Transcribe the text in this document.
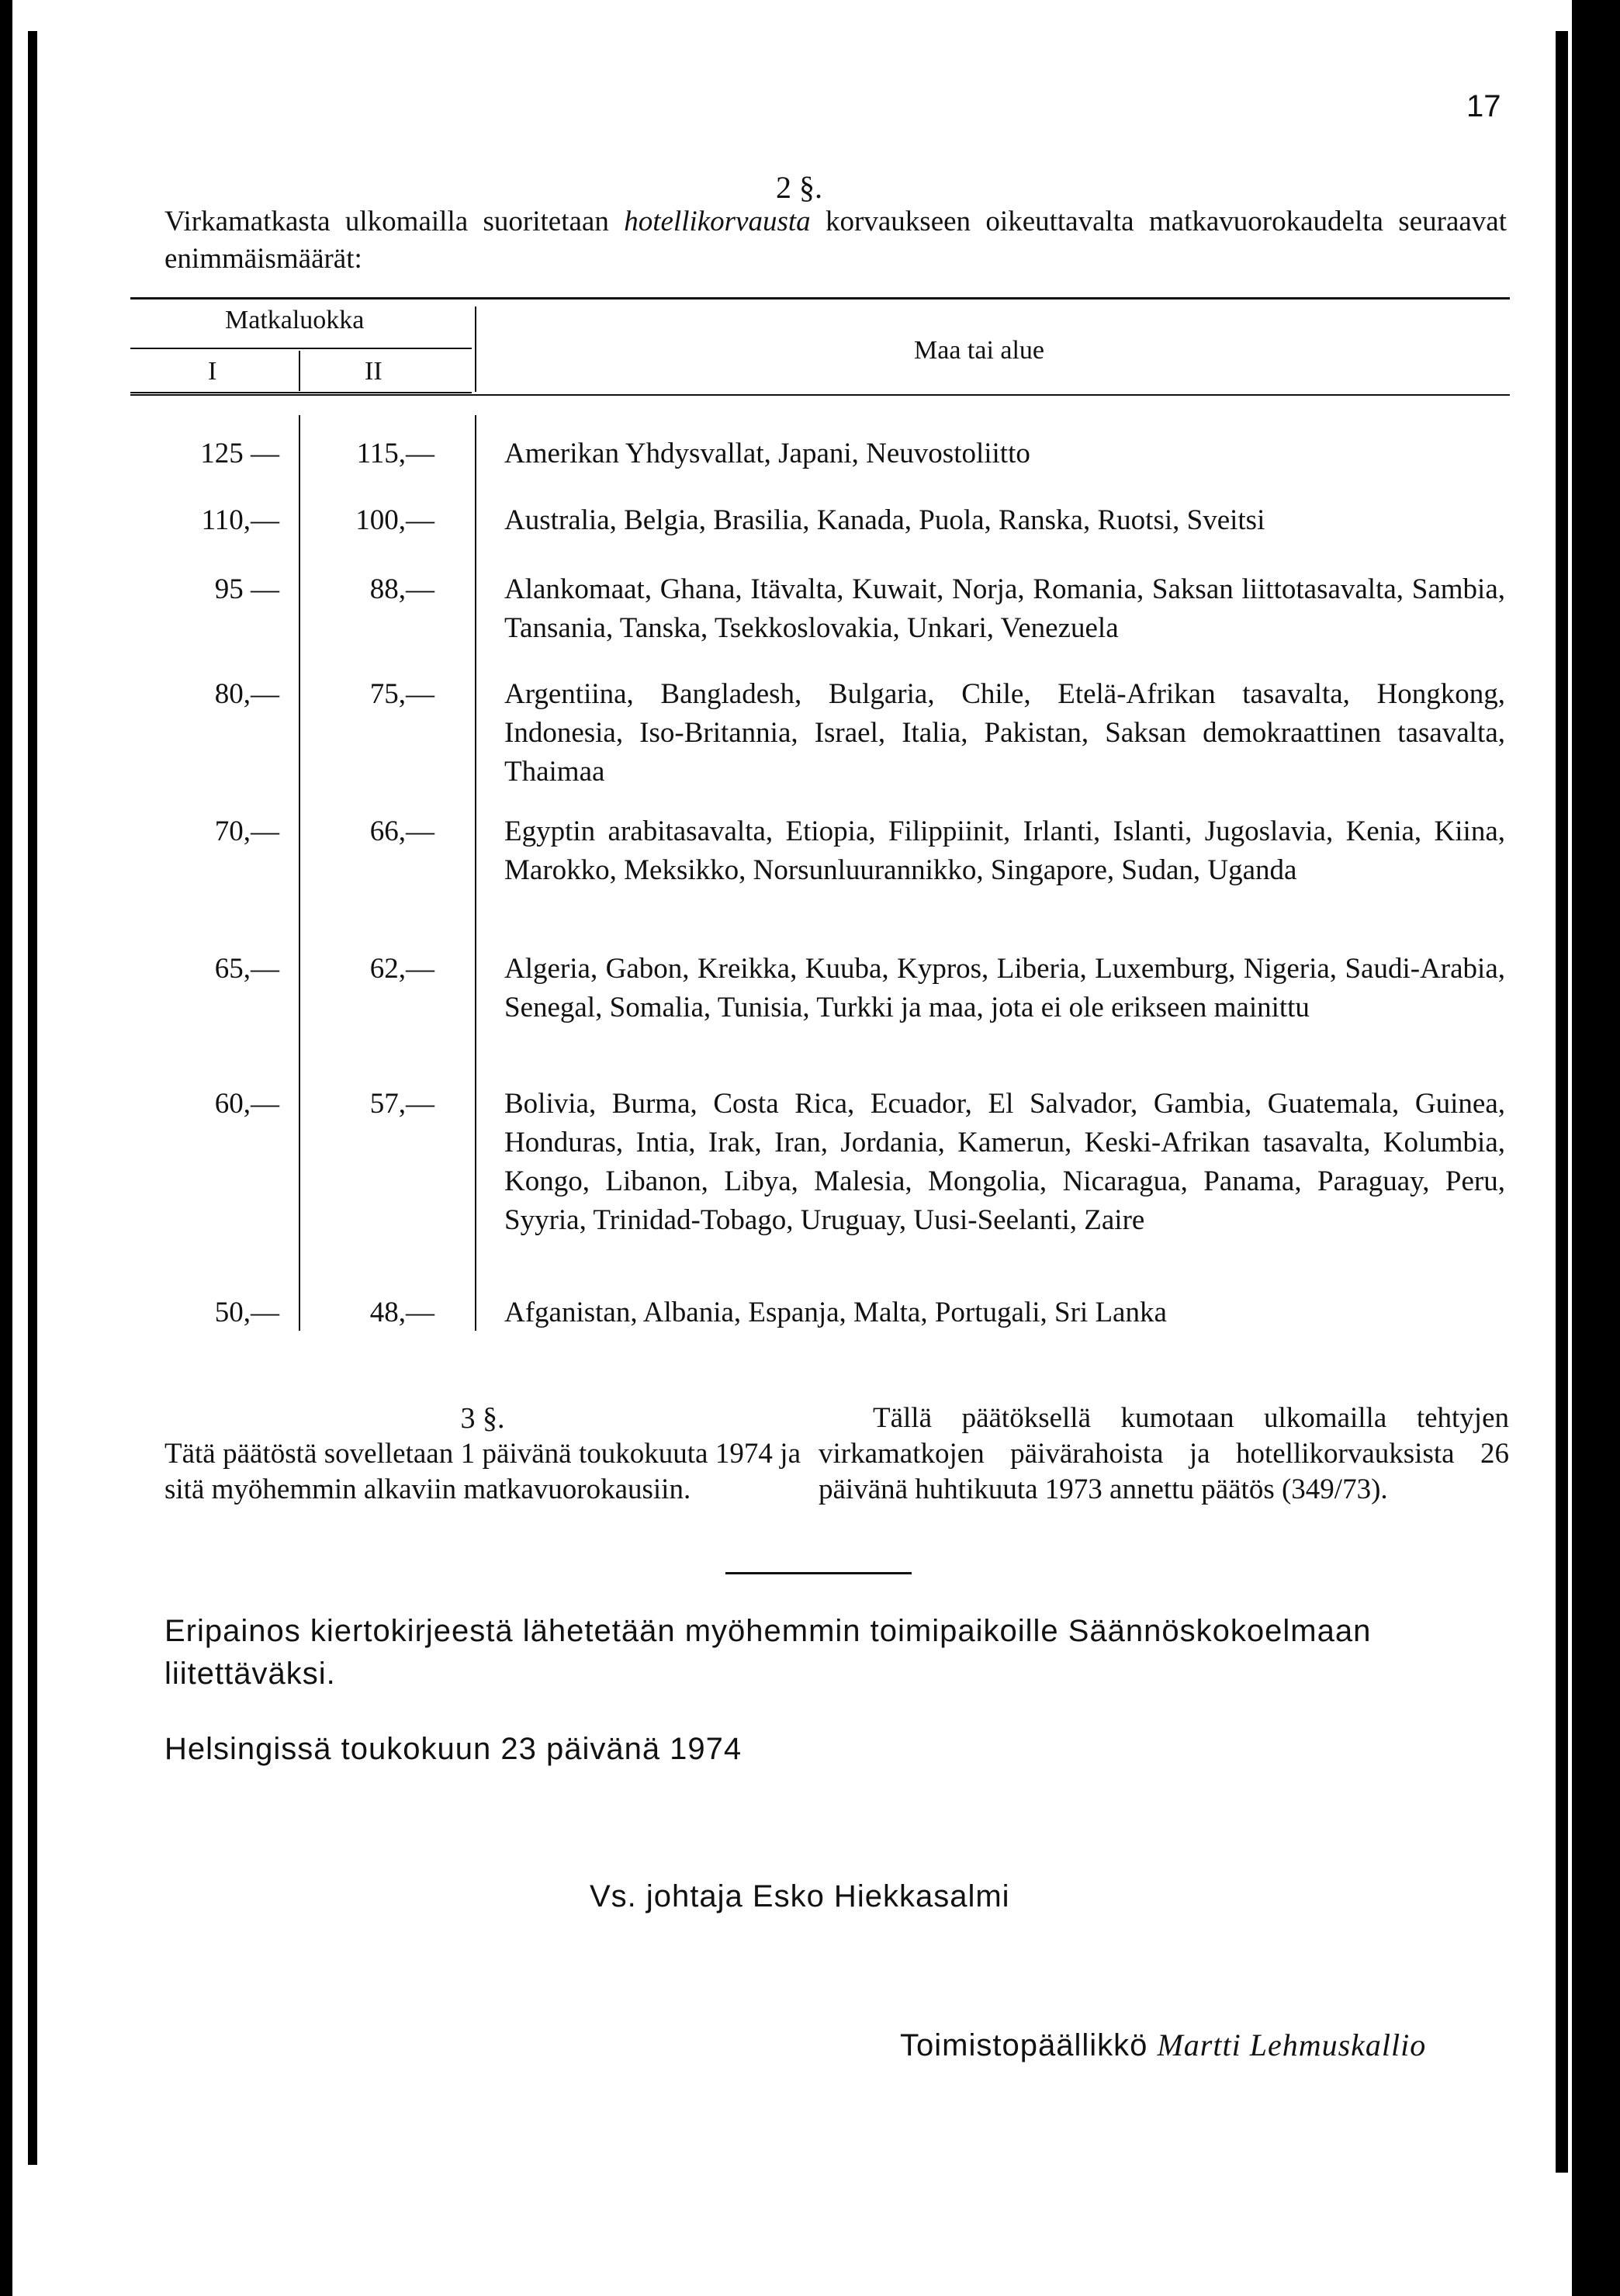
17
2 §.
Virkamatkasta ulkomailla suoritetaan hotellikorvausta korvaukseen oikeuttavalta matkavuorokaudelta seuraavat enimmäismäärät:
Matkaluokka
I	II
Maa tai alue
125 —	115,— Amerikan Yhdysvallat, Japani, Neuvostoliitto
110,—	100,— Australia, Belgia, Brasilia, Kanada, Puola, Ranska, Ruotsi, Sveitsi
95 —	88,— Alankomaat, Ghana, Itävalta, Kuwait, Norja, Romania, Saksan liittotasavalta, Sambia, Tansania, Tanska, Tsekkoslovakia, Unkari, Venezuela
80,—	75,— Argentiina, Bangladesh, Bulgaria, Chile, Etelä-Afrikan tasavalta, Hongkong, Indonesia, Iso-Britannia, Israel, Italia, Pakistan, Saksan demokraattinen tasavalta, Thaimaa
70,—	66,— Egyptin arabitasavalta, Etiopia, Filippiinit, Irlanti, Islanti, Jugoslavia, Kenia, Kiina, Marokko, Meksikko, Norsunluurannikko, Singapore, Sudan, Uganda
65,—	62,— Algeria, Gabon, Kreikka, Kuuba, Kypros, Liberia, Luxemburg, Nigeria, Saudi-Arabia, Senegal, Somalia, Tunisia, Turkki ja maa, jota ei ole erikseen mainittu
60,—	57,— Bolivia, Burma, Costa Rica, Ecuador, El Salvador, Gambia, Guatemala, Guinea, Honduras, Intia, Irak, Iran, Jordania, Kamerun, Keski-Afrikan tasavalta, Kolumbia, Kongo, Libanon, Libya, Malesia, Mongolia, Nicaragua, Panama, Paraguay, Peru, Syyria, Trinidad-Tobago, Uruguay, Uusi-Seelanti, Zaire
50,—	48,— Afganistan, Albania, Espanja, Malta, Portugali, Sri Lanka
3 §.

Tätä päätöstä sovelletaan 1 päivänä toukokuuta 1974 ja sitä myöhemmin alkaviin matkavuorokausiin.

Tällä päätöksellä kumotaan ulkomailla tehtyjen virkamatkojen päivärahoista ja hotellikorvauksista 26 päivänä huhtikuuta 1973 annettu päätös (349/73).

Eripainos kiertokirjeestä lähetetään myöhemmin toimipaikoille Säännöskokoelmaan liitettäväksi.
Helsingissä toukokuun 23 päivänä 1974
Vs. johtaja Esko Hiekkasalmi
Toimistopäällikkö Martti Lehmuskallio
